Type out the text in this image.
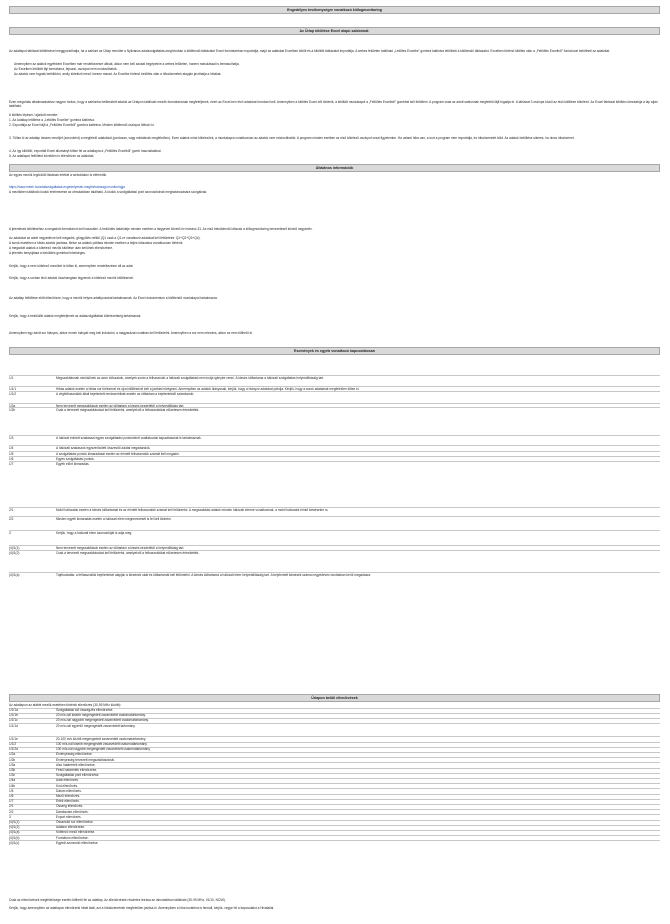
Engedélyes tevékenységre vonatkozó kiíllogmonitoring
Az Ürlap kitöltése Excel alapú sablonnal:
Az adatlapot táblázat kitöltésével meggyorsíthatja, ha a sablont az Ürlap menübe a Nyilvános adatszolgáltatás-meghívóban a kitöltendő táblázatot Excel formátumban exportálja, majd az adatokat Excelben kitölti és a kitöltött táblázatot importálja. A webes felületen található „Letöltés Excelbe” gombra kattintva letöltheti a kitöltendő táblázatot. Excelben történő kitöltés után a „Feltöltés Excelből” funkcióval betöltheti az adatokat.
Amennyiben az adatok egyébként Excelben már rendelkezésre állnak, akkor nem kell azokat begépelnie a webes felületen, hanem másolással is bemásolhatja.
Az Excelben letöltött fájl formátuma, fejsorai, oszlopai nem módosíthatók.
Az adatok nem fognak betöltődni, amíly kötelező mező üresen marad. Az Excelbe történő betöltés után a hibaüzenetek alapján javíthatja a hibákat.
Ezen megoldás alkalmazásához nagyon fontos, hogy a sablonba beillesztett adatok az Ürlapon található mezők formátumának megfeleljenek, ezért az Excel-ben lévő adatokat formázni kell. Amennyiben a kitöltés Excel-ből történik, a kitöltött munkalapot a „Feltöltés Excelből” gombbal kell feltölteni. A program csak az adott sablonnak megfelelő fájlt fogadja el. A táblázat 3 oszlopa közül az első kitöltése kötelező. Az Excel táblázat kitöltési útmutatója a lap alján található.
A kitöltés lépései / ajánlott menete:
1. Az Adatlap letöltése a „Letöltés Excelbe” gombra kattintva.
2. Exportálja az Excel fájlt a „Feltöltés Excelből” gombra kattintva. Minden kitöltendő oszlopot töltsön ki.
3. Töltse ki az adatlap összes mezőjét (soronként) a megfelelő adatokkal (pontosan, vagy mintáknak megfelelően). Ezen adatok mind kötelezőek, a munkalapra vonatkozóan az adatok nem módosíthatók. A program minden esetben az első kötelező oszlopot veszi figyelembe. Ha valami hiba van, a sort a program nem importálja, és hibaüzenetet küld. Az adatok betöltése sikeres, ha nincs hibaüzenet.
4. Az így kitöltött, exportált Excel állományt töltse fel az adatlapra a „Feltöltés Excelből” gomb használatával.
5. Az adatlapot feltöltést követően is ellenőrizze az adatokat.
Általános információk
Az egyes mezők legördülő listáinak értékei a weboldalon is elérhetők.
https://www.mekh.hu/adatszolgaltatas-engedelyesek-megbizhatosagi-monitoringja
A mezőkben található kódok értelmezése az útmutatóban található. A kódok a szolgáltatási pont azonosítóinak meghatározására szolgálnak.
A jelentések kitöltéséhez a megadott formátumot kell használni. A beküldés határideje minden esetben a tárgyévet követő év március 31. Az első beküldendő időszak a kiíllogmonitoring bevezetését követő negyedév.
Az adatokat az adott negyedévre kell megadni, göngyölés nélkül (Q1 csak a Q1-re vonatkozó adatokat kell feltüntetni: Q1+Q2+Q3+Q4).
A sorok esetében a hibás adatok javítása, illetve az adatok pótlása minden esetben a teljes időszakra vonatkozóan történik.
A megadott adatok a kötelező mezők kitöltése után kerülnek ellenőrzésre.
A jelentés benyújtása a beküldés gombbal lehetséges.
Kérjük, hogy a nem kötelező mezőket is töltse ki, amennyiben rendelkezésre áll az adat.
Kérjük, hogy a sorban lévő adatok összhangban legyenek a kötelező mezők kitöltésével.
Az adatlap feltöltése előtt ellenőrizze, hogy a mezők helyes adattípusokat tartalmaznak. Az Excel dokumentum a kitöltendő munkalapot tartalmazza.
Kérjük, hogy a beküldött adatok megfeleljenek az adatszolgáltatási kötelezettség tartalmának.
Amennyiben egy adott sor hiányos, akkor ennek hiányát meg kell indokolni, a magyarázat rovatban kell feltüntetni. Amennyiben a sor nem releváns, akkor az nem tölthető ki.
Események és egyéb vonatkozó kapcsolatosan
1/1	Megszakításnak minősülnek az azon időszakok, amelyek során a felhasználó a hálózati szolgáltatást nem tudja igénybe venni. A kiesés időtartama a hálózati szolgáltatás helyreállításáig tart.
1/1/1	Hibás adatok esetén a hibás sor törlésével és újra kitöltésével kell a javítást elvégezni. Amennyiben az adatok hiányosak, kérjük, hogy a hiányzó adatokat pótolja. Kérjük, hogy a sorok adatainak megfelelően töltse ki.
1/1/2	A végfelhasználók általi bejelentett rendszerhibák esetén az időtartam a bejelentéstől számítandó.
1/2a	Nem tervezett megszakítások esetén az időtartam a kiesés kezdetétől a helyreállításig tart.
1/2b	Csak a tervezett megszakításokat kell feltüntetni, amelyekről a felhasználókat előzetesen értesítették.
1/3	A hálózat érintett szakaszai egyes szolgáltatási pontonkénti csatlakozási kapacitásokat is tartalmaznak.
1/4	A hálózati szakaszok egyszerűsített összesítő adatai megadandók.
1/5	A szolgáltatási pontok kimaradásai esetén az érintett felhasználók számát kell megadni.
1/6	Egyes szolgáltatási pontok.
1/7	Egyéb előírt kimaradás.
2/1	Mobil hálózatok esetén a kiesés időtartamát és az érintett felhasználók számát kell feltüntetni. A megszakítási adatok minden hálózati elemre vonatkoznak, a mobil hálózatot érintő kiesésekre is.
2/2	Minden egyéb kimaradás esetén a hálózati elem megnevezését is fel kell tüntetni.
3	Kérjük, hogy a hálózati elem azonosítóját is adja meg.
(4)/1(1)	Nem tervezett megszakítások esetén az időtartam a kiesés kezdetétől a helyreállításig tart.
(4)/1(2)	Csak a tervezett megszakításokat kell feltüntetni, amelyekről a felhasználókat előzetesen értesítették.
(4)/1(a)	Tájékoztatás: a felhasználók bejelentései alapján a kiesések okát és időtartamát kell feltüntetni. A kiesés időtartama a hálózati elem helyreállításáig tart. A bejelentett kiesések száma negyedéves bontásban kerül megadásra.
Ürlapon belüli ellenőrzések
Az adatlapon az alábbi mezők esetében történik ellenőrzés (30-99 MHz között):
1/1/1a	Szolgáltatási idő összegzés ellenőrzése.
1/1/1b	20 m/s-nál kisebb megengedett zavarvédett csatornatartomány.
1/1/1c	20 m/s-nál nagyobb megengedett zavarvédett csatornatartomány.
1/1/1d	20 m/s-nál egyenlő megengedett zavarvédett tartomány.
1/1/1e	20-100 m/s között megengedett zavarvédett csatornatartomány.
1/1/2	100 m/s-nál kisebb megengedett zavarvédett csatornatartomány.
1/1/2a	100 m/s-nál nagyobb megengedett zavarvédett csatornatartomány.
1/2a	Érvényesség ellenőrzése.
1/2b	Érvényesség tervezett megszakításoknál.
1/3a	Alsó határérték ellenőrzése.
1/3b	Felső határérték ellenőrzése.
1/3c	Szolgáltatási pont ellenőrzése.
1/4a	Adat ellenőrzés.
1/4b	Kód ellenőrzés.
1/5	Dátum ellenőrzés.
1/6	Mező ellenőrzés.
1/7	Érték ellenőrzés.
2/1	Összeg ellenőrzés.
2/2	Darabszám ellenőrzés.
3	Export ellenőrzés.
(4)/1(1)	Összesítő sor ellenőrzése.
(4)/1(2)	Adatsor ellenőrzése.
(4)/1(a)	Kötelező mező ellenőrzése.
(4)/1(b)	Formátum ellenőrzése.
(4)/1(c)	Egyedi azonosító ellenőrzése.
Csak az ellenőrzések megfelelősége esetén tölthető fel az adatlap. Az ellenőrzések részletes leírása az útmutatóban található (30-99 MHz, 01/10, NCMI).
Kérjük, hogy amennyiben az adatlapon ellenőrzési hibát talál, azt a hibaüzenetnek megfelelően javítsa ki. Amennyiben a hiba továbbra is fennáll, kérjük, vegye fel a kapcsolatot a Hivatallal.
